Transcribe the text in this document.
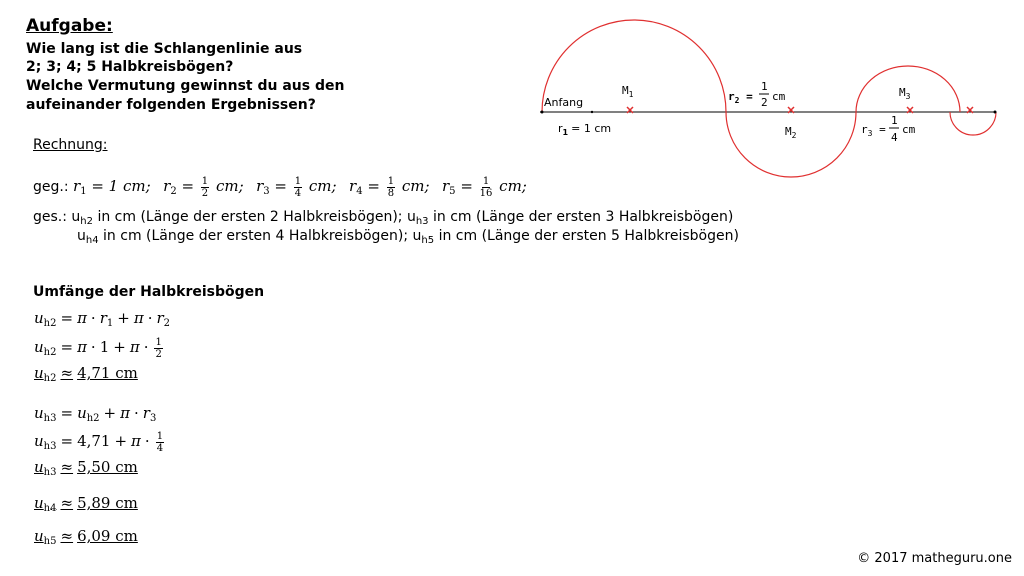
Aufgabe:
Wie lang ist die Schlangenlinie aus
2; 3; 4; 5 Halbkreisbögen?
Welche Vermutung gewinnst du aus den
aufeinander folgenden Ergebnissen?
Rechnung:
geg.: $r_1 = 1$ cm; $r_2 = \frac{1}{2}$ cm; $r_3 = \frac{1}{4}$ cm; $r_4 = \frac{1}{8}$ cm; $r_5 = \frac{1}{16}$ cm;
ges.: $u_{h2}$ in cm (Länge der ersten 2 Halbkreisbögen); $u_{h3}$ in cm (Länge der ersten 3 Halbkreisbögen)
$u_{h4}$ in cm (Länge der ersten 4 Halbkreisbögen); $u_{h5}$ in cm (Länge der ersten 5 Halbkreisbögen)
Umfänge der Halbkreisbögen
$u_{h2} = \pi \cdot r_1 + \pi \cdot r_2$
$u_{h2} = \pi \cdot 1 + \pi \cdot \frac{1}{2}$
$u_{h2} \approx 4,71$ cm
$u_{h3} = u_{h2} + \pi \cdot r_3$
$u_{h3} = 4,71 + \pi \cdot \frac{1}{4}$
$u_{h3} \approx 5,50$ cm
$u_{h4} \approx 5,89$ cm
$u_{h5} \approx 6,09$ cm
Anfang
$r_1 = 1$ cm
$M_1$
$M_2$
$M_3$
$r_2$ =
1
2 cm
$r_3$ =
1
4
cm
© 2017 matheguru.one
